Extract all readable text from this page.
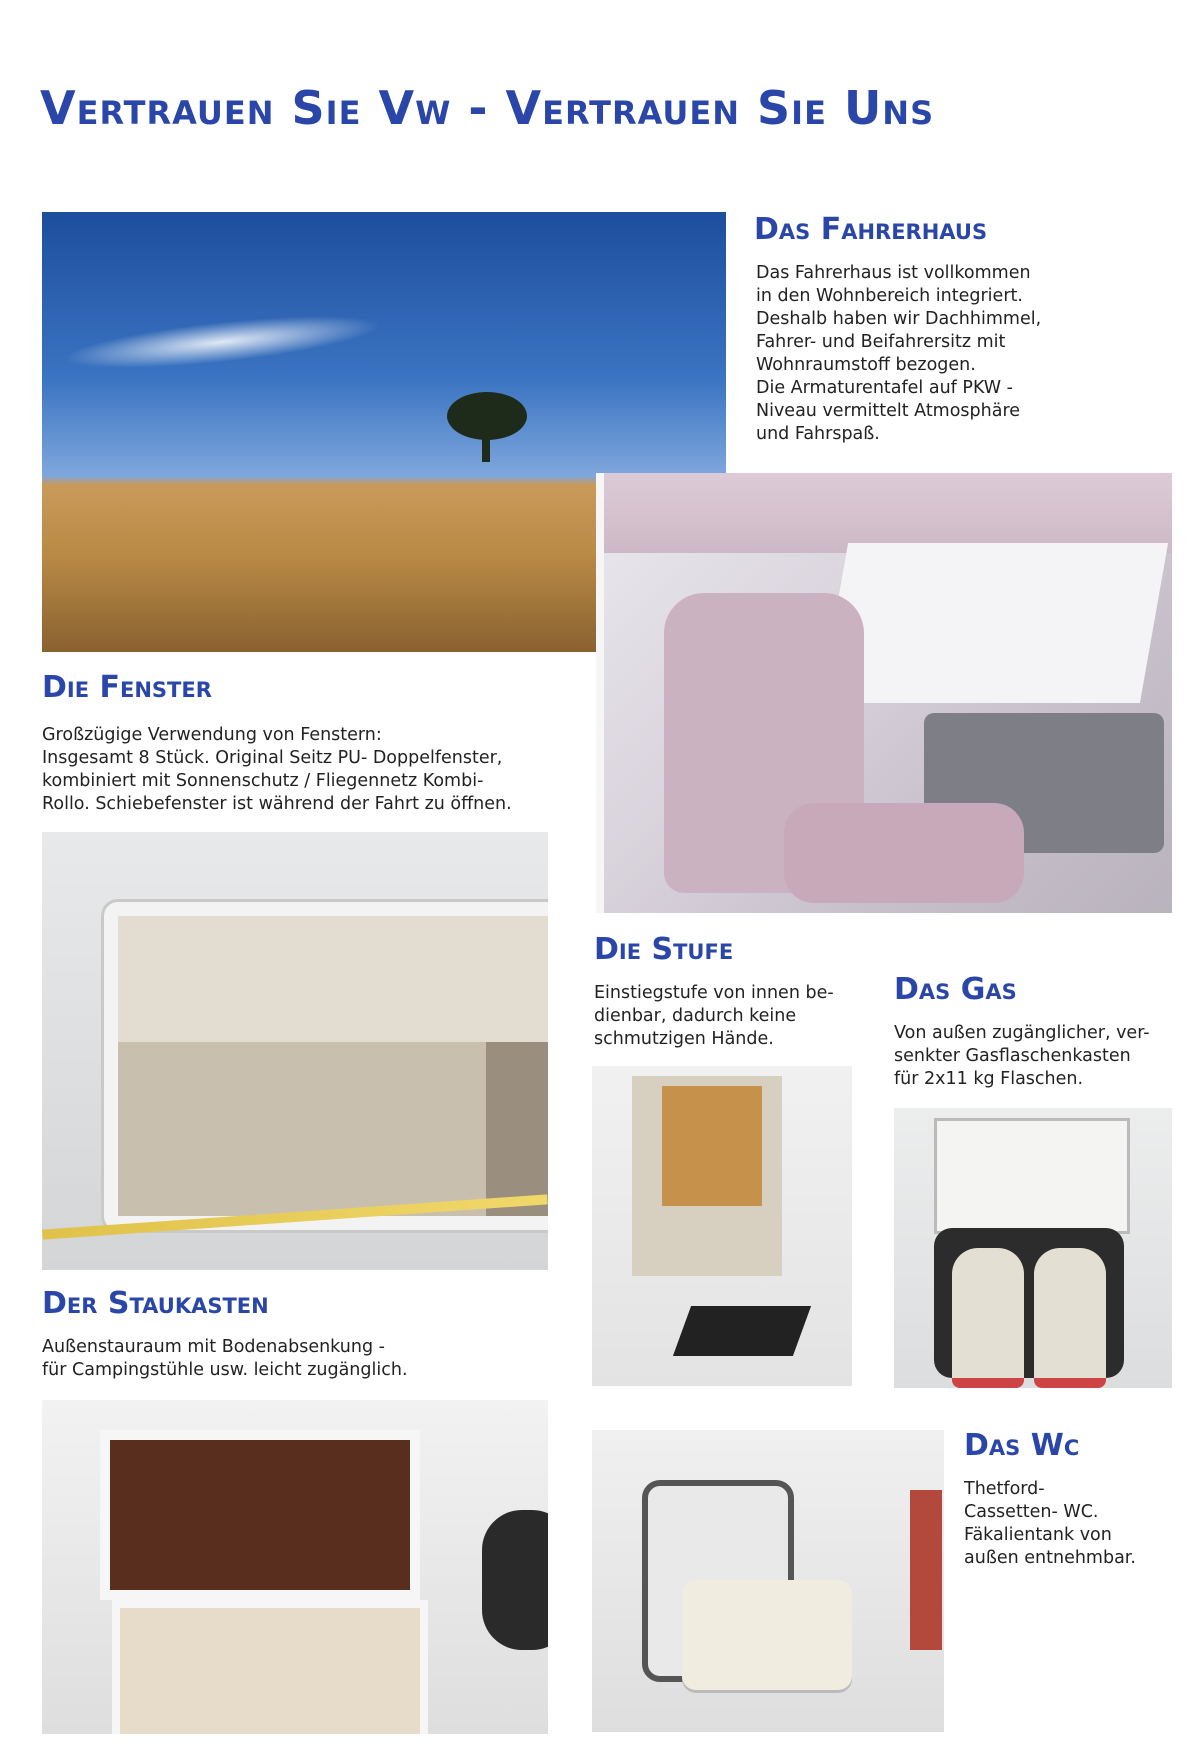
Vertrauen Sie Vw - Vertrauen Sie Uns
Das Fahrerhaus

Das Fahrerhaus ist vollkommen
in den Wohnbereich integriert.
Deshalb haben wir Dachhimmel,
Fahrer- und Beifahrersitz mit
Wohnraumstoff bezogen.
Die Armaturentafel auf PKW -
Niveau vermittelt Atmosphäre
und Fahrspaß.

Die Fenster

Großzügige Verwendung von Fenstern:
Insgesamt 8 Stück. Original Seitz PU- Doppelfenster,
kombiniert mit Sonnenschutz / Fliegennetz Kombi-
Rollo. Schiebefenster ist während der Fahrt zu öffnen.

Die Stufe

Einstiegstufe von innen be-
dienbar, dadurch keine
schmutzigen Hände.

Das Gas

Von außen zugänglicher, ver-
senkter Gasflaschenkasten
für 2x11 kg Flaschen.

Der Staukasten

Außenstauraum mit Bodenabsenkung -
für Campingstühle usw. leicht zugänglich.

Das Wc

Thetford-
Cassetten- WC.
Fäkalientank von
außen entnehmbar.
